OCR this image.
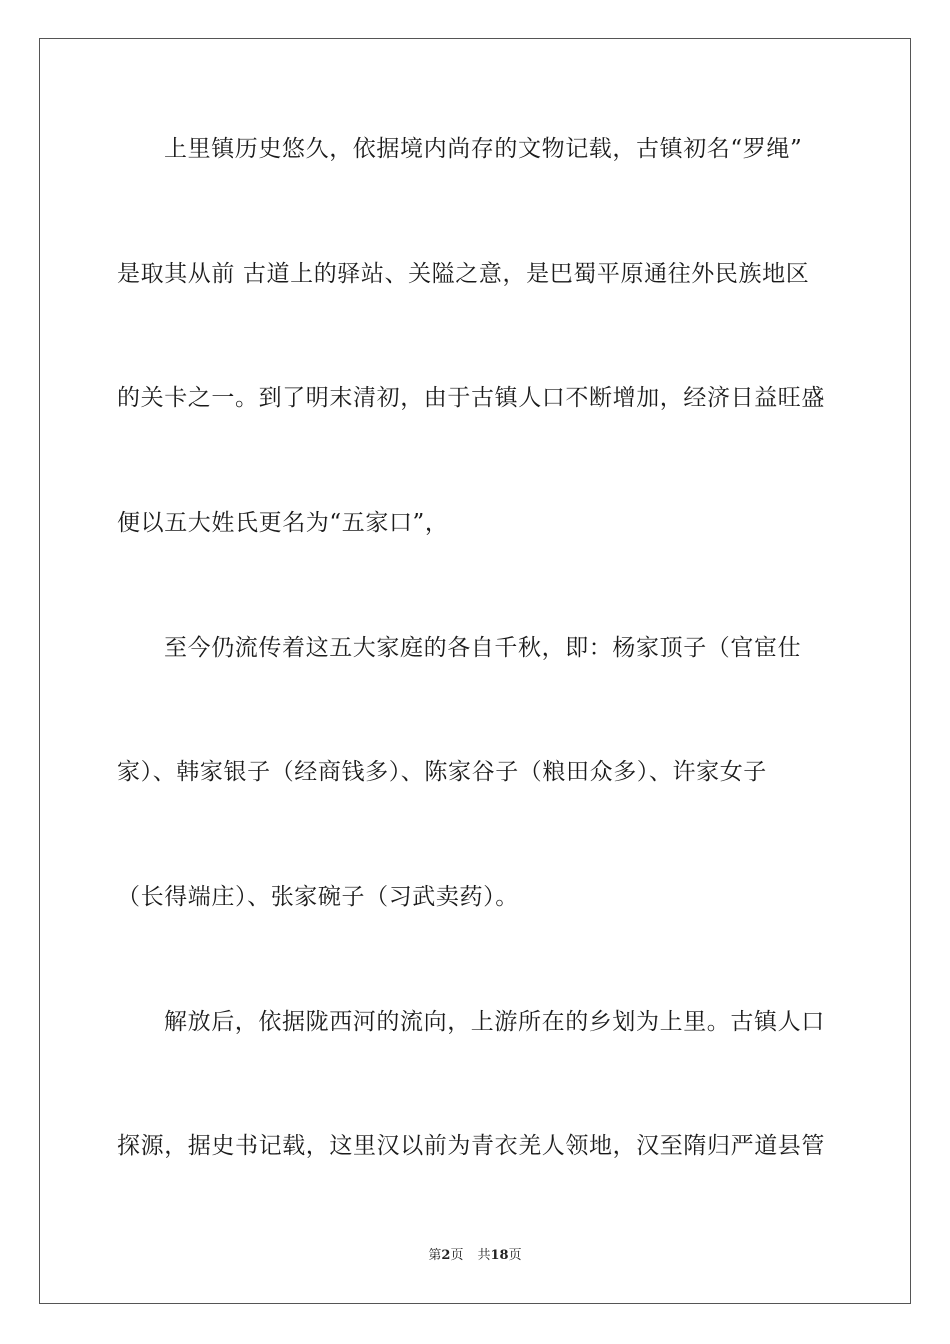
上里镇历史悠久，依据境内尚存的文物记载，古镇初名“罗绳”
是取其从前 古道上的驿站、关隘之意，是巴蜀平原通往外民族地区
的关卡之一。到了明末清初，由于古镇人口不断增加，经济日益旺盛
便以五大姓氏更名为“五家口”，
至今仍流传着这五大家庭的各自千秋，即：杨家顶子（官宦仕
家）、韩家银子（经商钱多）、陈家谷子（粮田众多）、许家女子
（长得端庄）、张家碗子（习武卖药）。
解放后，依据陇西河的流向，上游所在的乡划为上里。古镇人口
探源，据史书记载，这里汉以前为青衣羌人领地，汉至隋归严道县管
第2页 共18页
